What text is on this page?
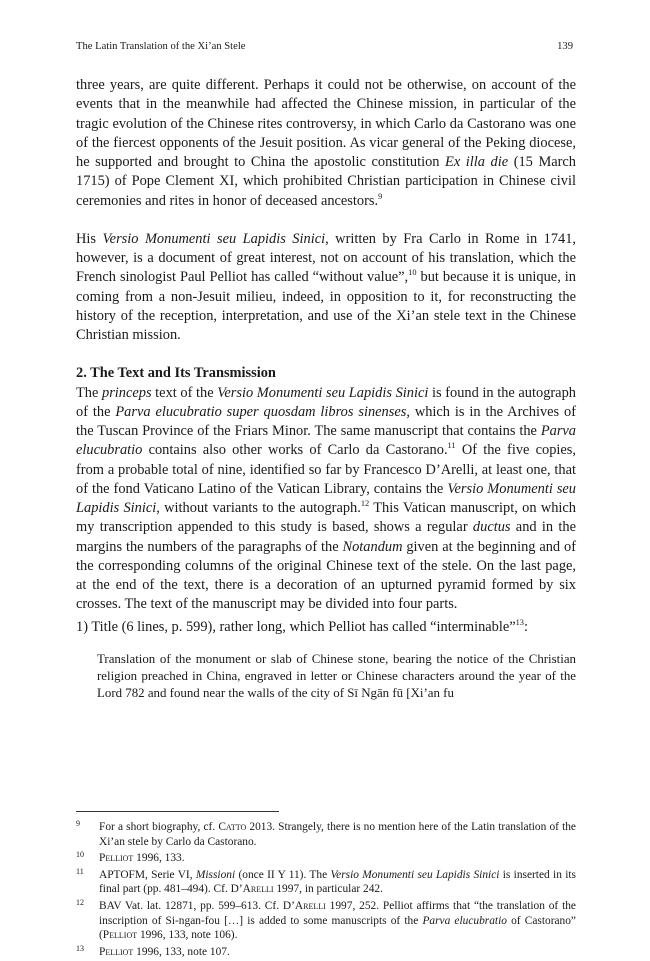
The Latin Translation of the Xi’an Stele	139

three years, are quite different. Perhaps it could not be otherwise, on account of the events that in the meanwhile had affected the Chinese mission, in particular of the tragic evolution of the Chinese rites controversy, in which Carlo da Castorano was one of the fiercest opponents of the Jesuit position. As vicar general of the Peking diocese, he supported and brought to China the apostolic constitution Ex illa die (15 March 1715) of Pope Clement XI, which prohibited Christian participation in Chinese civil ceremonies and rites in honor of deceased ancestors.$^9$

His Versio Monumenti seu Lapidis Sinici, written by Fra Carlo in Rome in 1741, however, is a document of great interest, not on account of his translation, which the French sinologist Paul Pelliot has called “without value”,$^{10}$ but because it is unique, in coming from a non-Jesuit milieu, indeed, in opposition to it, for reconstructing the history of the reception, interpretation, and use of the Xi’an stele text in the Chinese Christian mission.

2. The Text and Its Transmission

The princeps text of the Versio Monumenti seu Lapidis Sinici is found in the autograph of the Parva elucubratio super quosdam libros sinenses, which is in the Archives of the Tuscan Province of the Friars Minor. The same manuscript that contains the Parva elucubratio contains also other works of Carlo da Castorano.$^{11}$ Of the five copies, from a probable total of nine, identified so far by Francesco D’Arelli, at least one, that of the fond Vaticano Latino of the Vatican Library, contains the Versio Monumenti seu Lapidis Sinici, without variants to the autograph.$^{12}$ This Vatican manuscript, on which my transcription appended to this study is based, shows a regular ductus and in the margins the numbers of the paragraphs of the Notandum given at the beginning and of the corresponding columns of the original Chinese text of the stele. On the last page, at the end of the text, there is a decoration of an upturned pyramid formed by six crosses. The text of the manuscript may be divided into four parts.

1) Title (6 lines, p. 599), rather long, which Pelliot has called “interminable”$^{13}$:

Translation of the monument or slab of Chinese stone, bearing the notice of the Christian religion preached in China, engraved in letter or Chinese characters around the year of the Lord 782 and found near the walls of the city of Sī Ngān fū [Xi’an fu
9 For a short biography, cf. Catto 2013. Strangely, there is no mention here of the Latin translation of the Xi’an stele by Carlo da Castorano.
10 Pelliot 1996, 133.
11 APTOFM, Serie VI, Missioni (once II Y 11). The Versio Monumenti seu Lapidis Sinici is inserted in its final part (pp. 481–494). Cf. D’Arelli 1997, in particular 242.
12 BAV Vat. lat. 12871, pp. 599–613. Cf. D’Arelli 1997, 252. Pelliot affirms that “the translation of the inscription of Si-ngan-fou […] is added to some manuscripts of the Parva elucubratio of Castorano” (Pelliot 1996, 133, note 106).
13 Pelliot 1996, 133, note 107.
